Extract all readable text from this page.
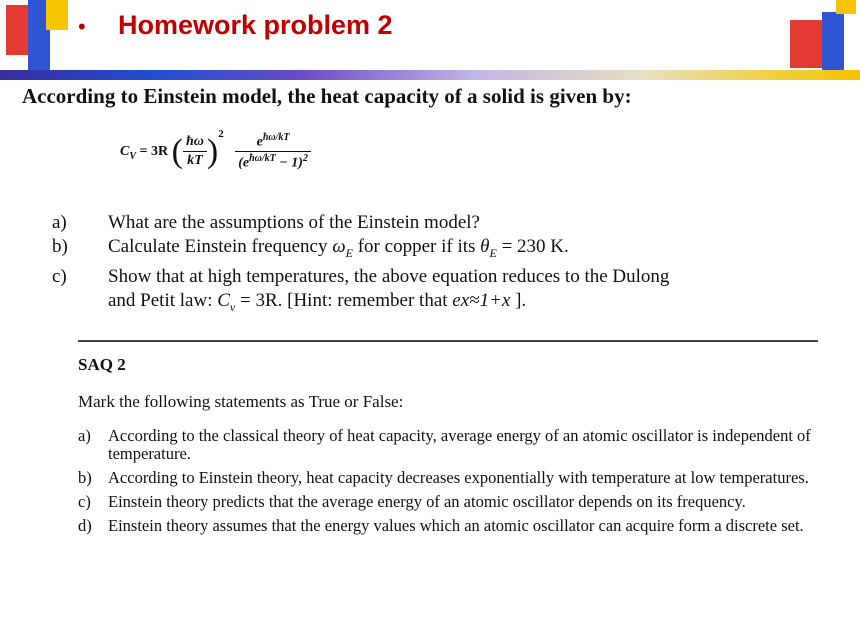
• Homework problem 2
According to Einstein model, the heat capacity of a solid is given by:
$C_V = 3R$ ( $\frac{ħ\omega}{kT} )^2 \frac{e^{ħ\omega/kT}}{(e^{ħ\omega/kT} - 1)^2}$
a) What are the assumptions of the Einstein model?
b) Calculate Einstein frequency $\omega_E$ for copper if its $\theta_E = 230$ K.
c) Show that at high temperatures, the above equation reduces to the Dulong
and Petit law: $C_v = 3R$. [Hint: remember that ex≈1+x ].
SAQ 2
Mark the following statements as True or False:
a) According to the classical theory of heat capacity, average energy of an atomic oscillator is independent of temperature.
b) According to Einstein theory, heat capacity decreases exponentially with temperature at low temperatures.
c) Einstein theory predicts that the average energy of an atomic oscillator depends on its frequency.
d) Einstein theory assumes that the energy values which an atomic oscillator can acquire form a discrete set.
